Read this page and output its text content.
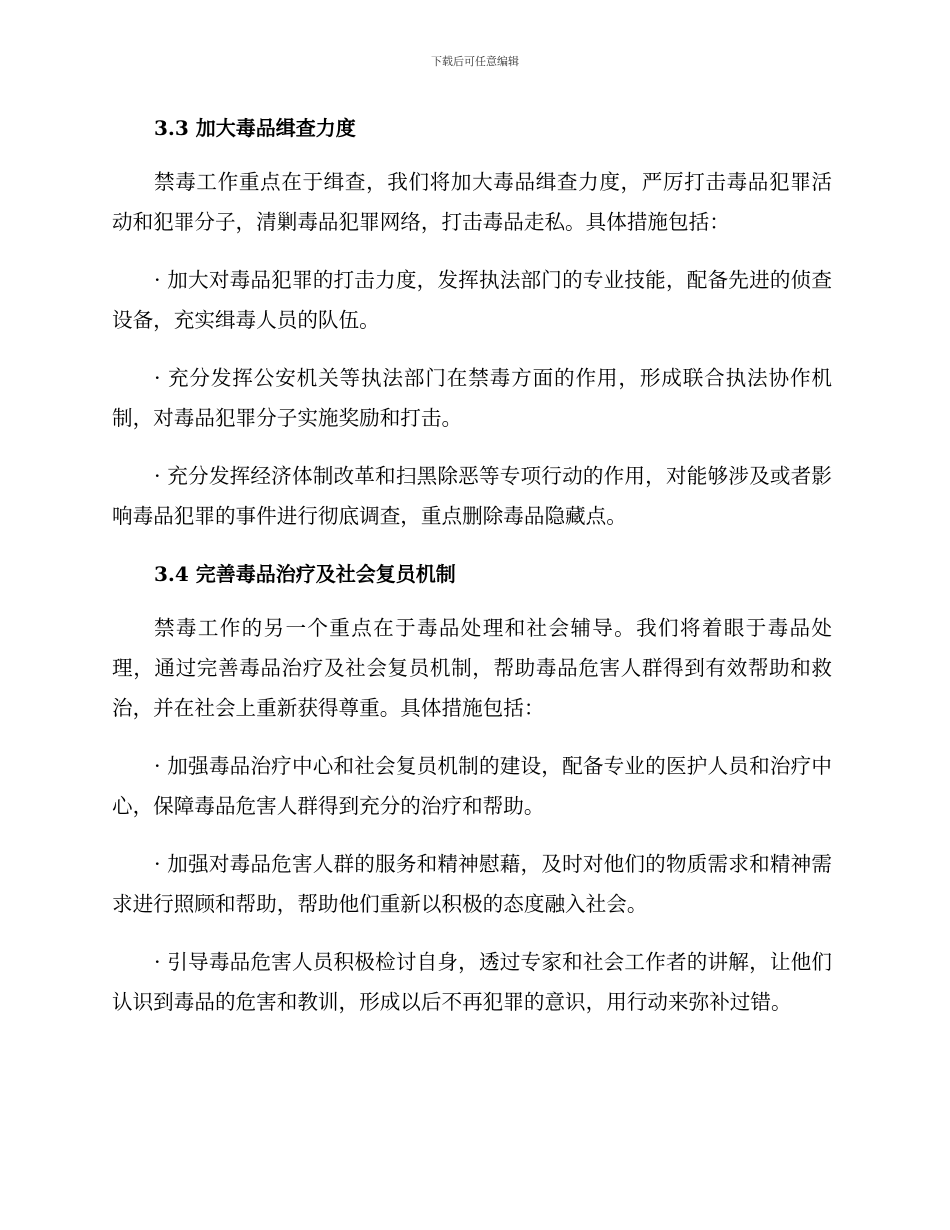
下载后可任意编辑
3.3 加大毒品缉查力度

禁毒工作重点在于缉查，我们将加大毒品缉查力度，严厉打击毒品犯罪活动和犯罪分子，清剿毒品犯罪网络，打击毒品走私。具体措施包括：

· 加大对毒品犯罪的打击力度，发挥执法部门的专业技能，配备先进的侦查设备，充实缉毒人员的队伍。

· 充分发挥公安机关等执法部门在禁毒方面的作用，形成联合执法协作机制，对毒品犯罪分子实施奖励和打击。

· 充分发挥经济体制改革和扫黑除恶等专项行动的作用，对能够涉及或者影响毒品犯罪的事件进行彻底调查，重点删除毒品隐藏点。

3.4 完善毒品治疗及社会复员机制

禁毒工作的另一个重点在于毒品处理和社会辅导。我们将着眼于毒品处理，通过完善毒品治疗及社会复员机制，帮助毒品危害人群得到有效帮助和救治，并在社会上重新获得尊重。具体措施包括：

· 加强毒品治疗中心和社会复员机制的建设，配备专业的医护人员和治疗中心，保障毒品危害人群得到充分的治疗和帮助。

· 加强对毒品危害人群的服务和精神慰藉，及时对他们的物质需求和精神需求进行照顾和帮助，帮助他们重新以积极的态度融入社会。

· 引导毒品危害人员积极检讨自身，透过专家和社会工作者的讲解，让他们认识到毒品的危害和教训，形成以后不再犯罪的意识，用行动来弥补过错。
